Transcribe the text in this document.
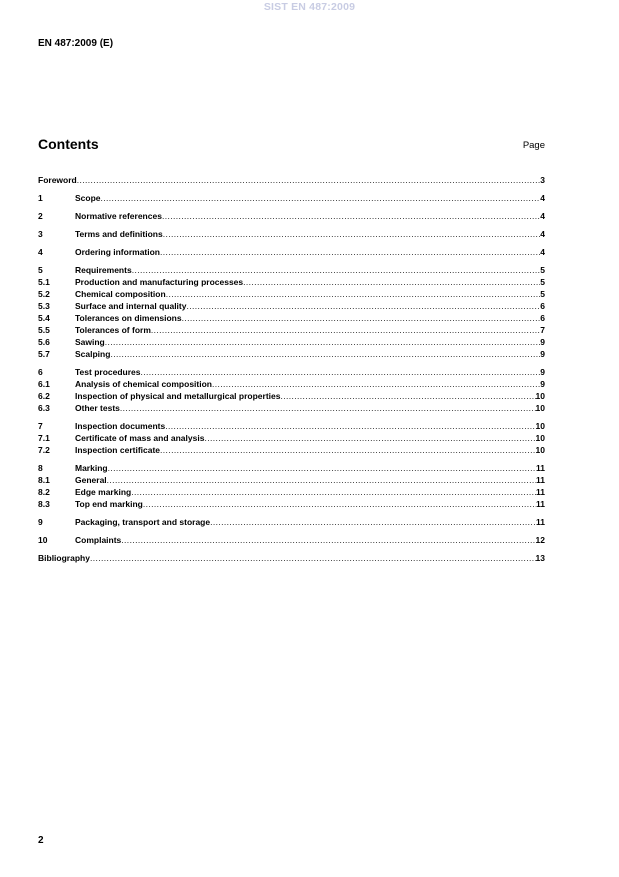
SIST EN 487:2009
EN 487:2009 (E)
Contents	Page
Foreword .....	3
1	Scope .....	4
2	Normative references .....	4
3	Terms and definitions .....	4
4	Ordering information .....	4
5	Requirements .....	5
5.1	Production and manufacturing processes .....	5
5.2	Chemical composition .....	5
5.3	Surface and internal quality .....	6
5.4	Tolerances on dimensions .....	6
5.5	Tolerances of form .....	7
5.6	Sawing .....	9
5.7	Scalping .....	9
6	Test procedures .....	9
6.1	Analysis of chemical composition .....	9
6.2	Inspection of physical and metallurgical properties .....	10
6.3	Other tests .....	10
7	Inspection documents .....	10
7.1	Certificate of mass and analysis .....	10
7.2	Inspection certificate .....	10
8	Marking .....	11
8.1	General .....	11
8.2	Edge marking .....	11
8.3	Top end marking .....	11
9	Packaging, transport and storage .....	11
10	Complaints .....	12
Bibliography .....	13
2
